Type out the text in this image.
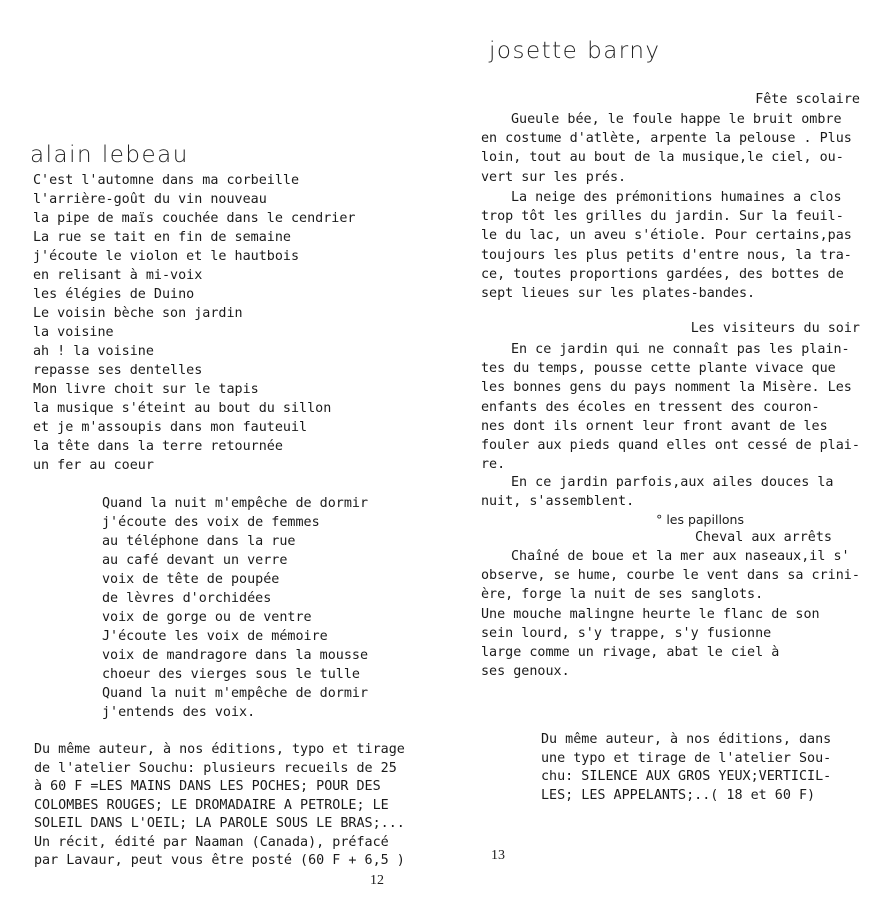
alain lebeau
C'est l'automne dans ma corbeille
l'arrière-goût du vin nouveau
la pipe de maïs couchée dans le cendrier
La rue se tait en fin de semaine
j'écoute le violon et le hautbois
en relisant à mi-voix
les élégies de Duino
Le voisin bèche son jardin
la voisine
ah ! la voisine
repasse ses dentelles
Mon livre choit sur le tapis
la musique s'éteint au bout du sillon
et je m'assoupis dans mon fauteuil
la tête dans la terre retournée
un fer au coeur
Quand la nuit m'empêche de dormir
j'écoute des voix de femmes
au téléphone dans la rue
au café devant un verre
voix de tête de poupée
de lèvres d'orchidées
voix de gorge ou de ventre
J'écoute les voix de mémoire
voix de mandragore dans la mousse
choeur des vierges sous le tulle
Quand la nuit m'empêche de dormir
j'entends des voix.
Du même auteur, à nos éditions, typo et tirage
de l'atelier Souchu: plusieurs recueils de 25
à 60 F =LES MAINS DANS LES POCHES; POUR DES
COLOMBES ROUGES; LE DROMADAIRE A PETROLE; LE
SOLEIL DANS L'OEIL; LA PAROLE SOUS LE BRAS;...
Un récit, édité par Naaman (Canada), préfacé
par Lavaur, peut vous être posté (60 F + 6,5 )
12
josette barny
Fête scolaire
Gueule bée, le foule happe le bruit ombre
en costume d'atlète, arpente la pelouse . Plus
loin, tout au bout de la musique,le ciel, ou-
vert sur les prés.
La neige des prémonitions humaines a clos
trop tôt les grilles du jardin. Sur la feuil-
le du lac, un aveu s'étiole. Pour certains,pas
toujours les plus petits d'entre nous, la tra-
ce, toutes proportions gardées, des bottes de
sept lieues sur les plates-bandes.
Les visiteurs du soir
En ce jardin qui ne connaît pas les plain-
tes du temps, pousse cette plante vivace que
les bonnes gens du pays nomment la Misère. Les
enfants des écoles en tressent des couron-
nes dont ils ornent leur front avant de les
fouler aux pieds quand elles ont cessé de plai-
re.
En ce jardin parfois,aux ailes douces la
nuit, s'assemblent.
° les papillons
Cheval aux arrêts
Chaîné de boue et la mer aux naseaux,il s'
observe, se hume, courbe le vent dans sa crini-
ère, forge la nuit de ses sanglots.
Une mouche malingne heurte le flanc de son
sein lourd, s'y trappe, s'y fusionne
large comme un rivage, abat le ciel à
ses genoux.
Du même auteur, à nos éditions, dans
une typo et tirage de l'atelier Sou-
chu: SILENCE AUX GROS YEUX;VERTICIL-
LES; LES APPELANTS;..( 18 et 60 F)
13
